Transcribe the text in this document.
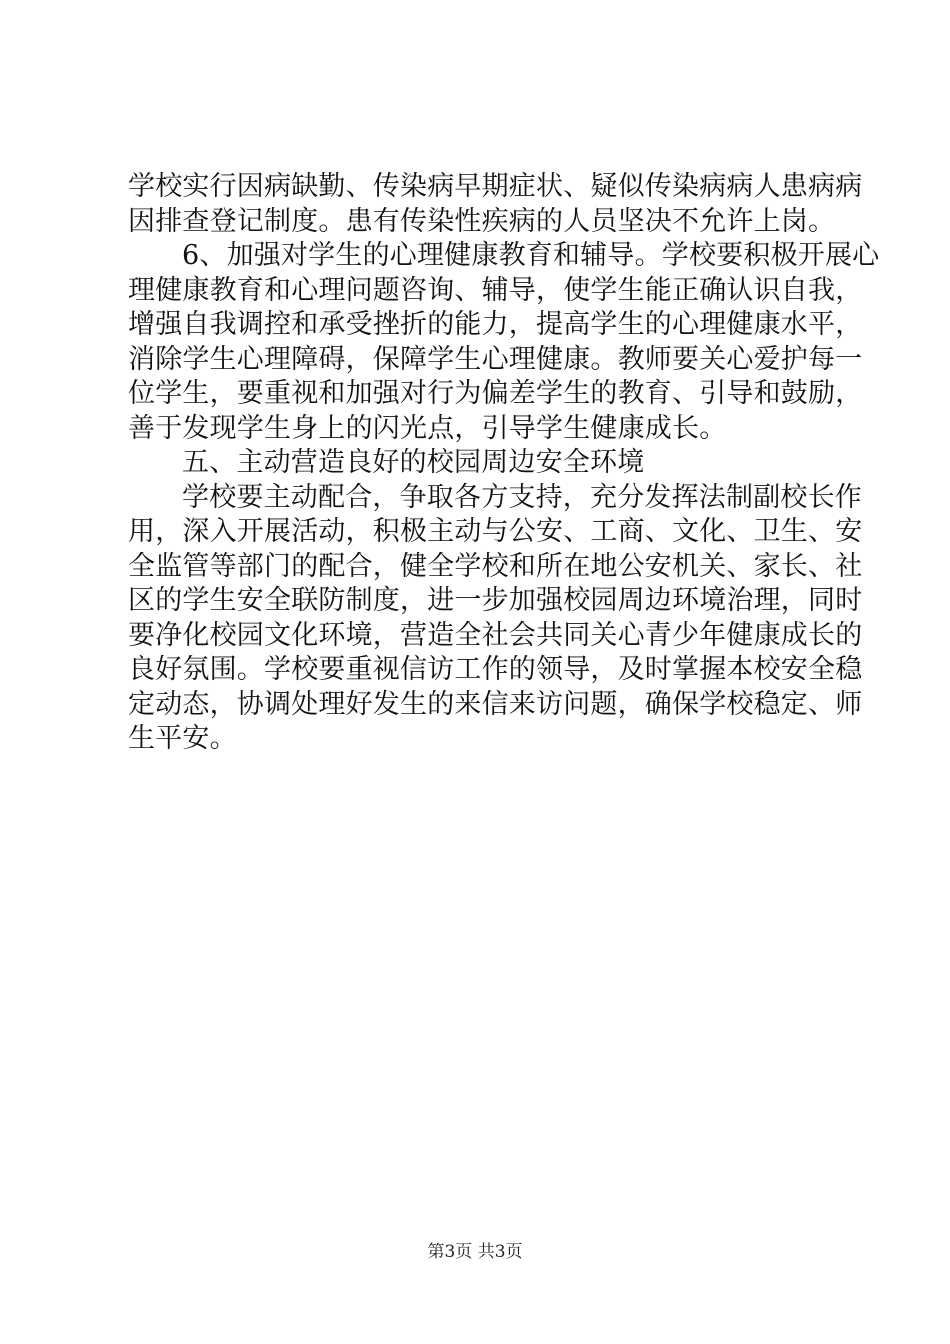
学校实行因病缺勤、传染病早期症状、疑似传染病病人患病病
因排查登记制度。患有传染性疾病的人员坚决不允许上岗。
6、加强对学生的心理健康教育和辅导。学校要积极开展心
理健康教育和心理问题咨询、辅导，使学生能正确认识自我，
增强自我调控和承受挫折的能力，提高学生的心理健康水平，
消除学生心理障碍，保障学生心理健康。教师要关心爱护每一
位学生，要重视和加强对行为偏差学生的教育、引导和鼓励，
善于发现学生身上的闪光点，引导学生健康成长。
五、主动营造良好的校园周边安全环境
学校要主动配合，争取各方支持，充分发挥法制副校长作
用，深入开展活动，积极主动与公安、工商、文化、卫生、安
全监管等部门的配合，健全学校和所在地公安机关、家长、社
区的学生安全联防制度，进一步加强校园周边环境治理，同时
要净化校园文化环境，营造全社会共同关心青少年健康成长的
良好氛围。学校要重视信访工作的领导，及时掌握本校安全稳
定动态，协调处理好发生的来信来访问题，确保学校稳定、师
生平安。
第3页 共3页
